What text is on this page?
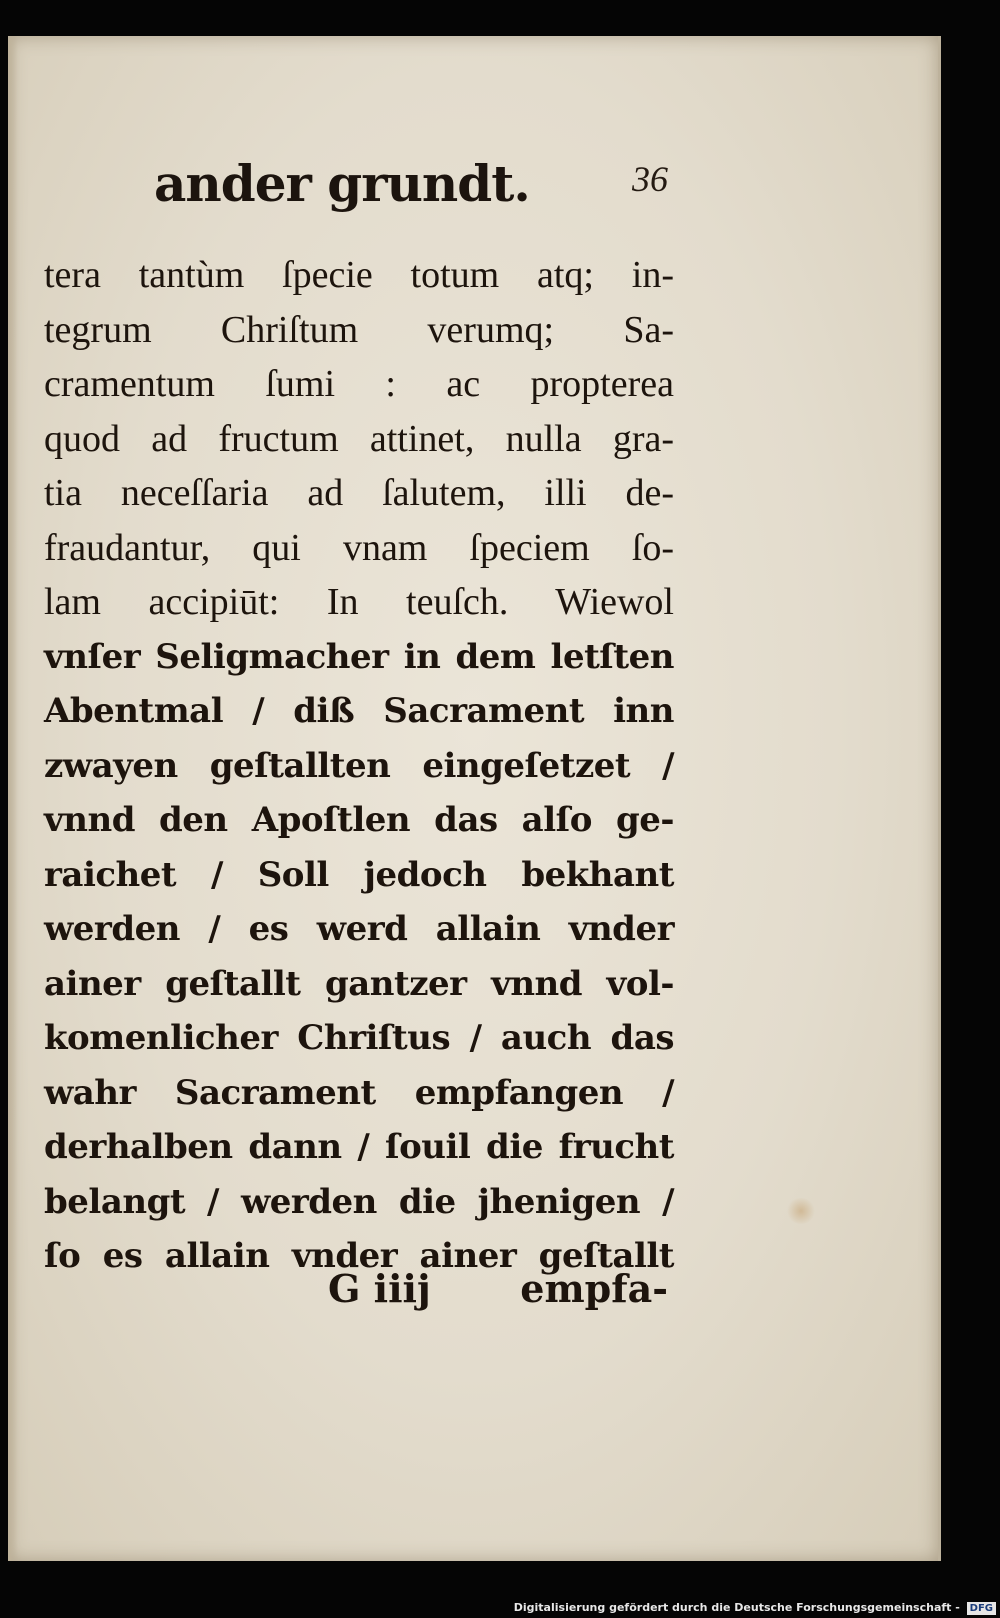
ander grundt.	36
tera tantùm ſpecie totum atq; in-
tegrum Chriſtum verumq; Sa-
cramentum ſumi : ac propterea
quod ad fructum attinet, nulla gra-
tia neceſſaria ad ſalutem, illi de-
fraudantur, qui vnam ſpeciem ſo-
lam accipiūt: In teuſch. Wiewol
vnſer Seligmacher in dem letſten
Abentmal / diß Sacrament inn
zwayen geſtallten eingeſetzet /
vnnd den Apoſtlen das alſo ge-
raichet / Soll jedoch bekhant
werden / es werd allain vnder
ainer geſtallt gantzer vnnd vol-
komenlicher Chriſtus / auch das
wahr Sacrament empfangen /
derhalben dann / ſouil die frucht
belangt / werden die jhenigen /
ſo es allain vnder ainer geſtallt
G iiij empfa-
Digitalisierung gefördert durch die Deutsche Forschungsgemeinschaft - DFG
